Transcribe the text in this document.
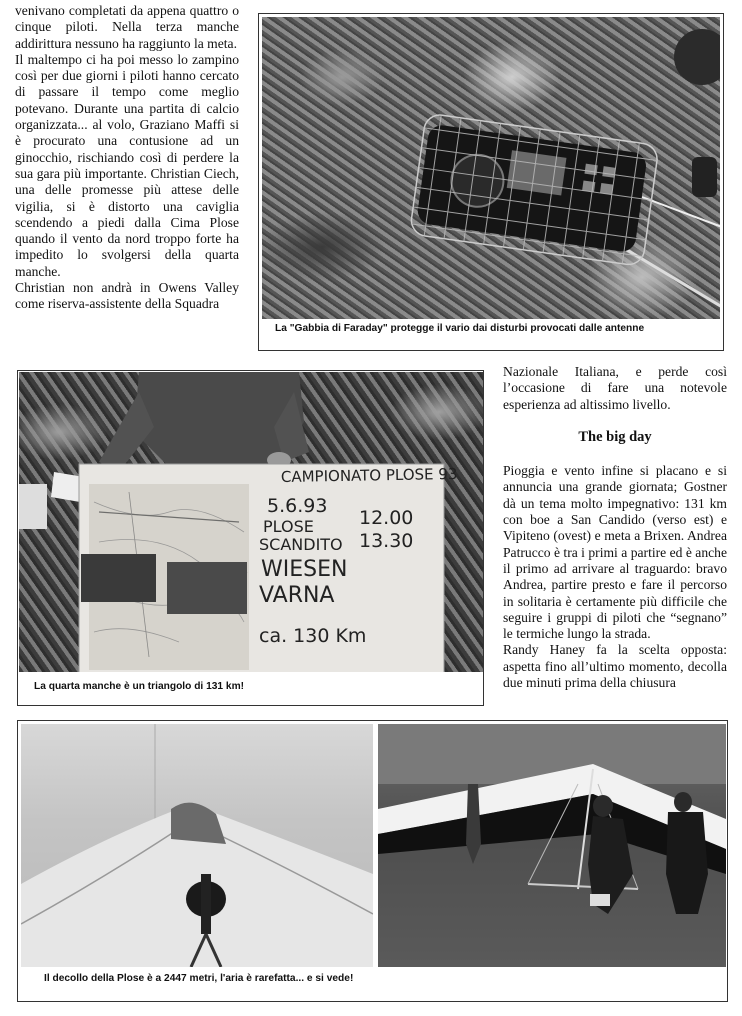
venivano completati da appena quattro o cinque piloti. Nella terza manche addirittura nessuno ha raggiunto la meta.

Il maltempo ci ha poi messo lo zampino così per due giorni i piloti hanno cercato di passare il tempo come meglio potevano. Durante una partita di calcio organizzata... al volo, Graziano Maffi si è procurato una contusione ad un ginocchio, rischiando così di perdere la sua gara più importante. Christian Ciech, una delle promesse più attese delle vigilia, si è distorto una caviglia scendendo a piedi dalla Cima Plose quando il vento da nord troppo forte ha impedito lo svolgersi della quarta manche.

Christian non andrà in Owens Valley come riserva-assistente della Squadra

La "Gabbia di Faraday" protegge il vario dai disturbi provocati dalle antenne
CAMPIONATO PLOSE 93
5.6.93
PLOSE 12.00
SCANDITO 13.30
WIESEN
VARNA
ca. 130 Km
La quarta manche è un triangolo di 131 km!

Nazionale Italiana, e perde così l’occasione di fare una notevole esperienza ad altissimo livello.

The big day

Pioggia e vento infine si placano e si annuncia una grande giornata; Gostner dà un tema molto impegnativo: 131 km con boe a San Candido (verso est) e Vipiteno (ovest) e meta a Brixen. Andrea Patrucco è tra i primi a partire ed è anche il primo ad arrivare al traguardo: bravo Andrea, partire presto e fare il percorso in solitaria è certamente più difficile che seguire i gruppi di piloti che “segnano” le termiche lungo la strada.

Randy Haney fa la scelta opposta: aspetta fino all’ultimo momento, decolla due minuti prima della chiusura

Il decollo della Plose è a 2447 metri, l'aria è rarefatta... e si vede!
